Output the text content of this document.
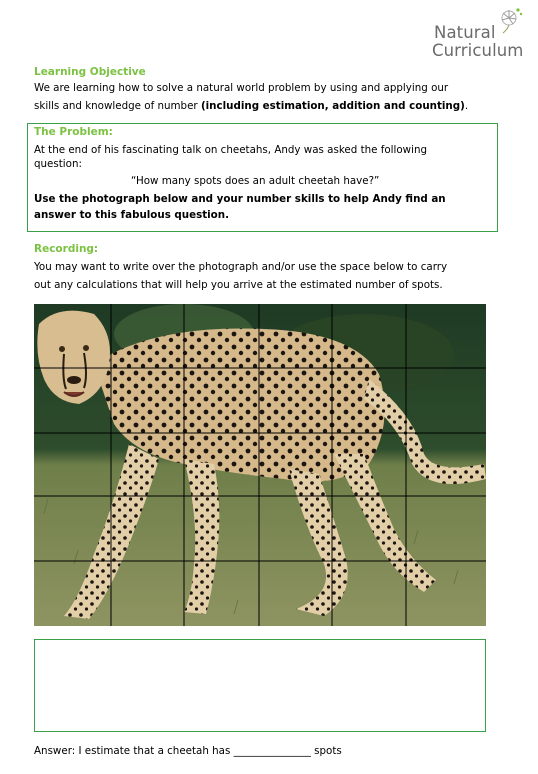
Natural
Curriculum
Learning Objective
We are learning how to solve a natural world problem by using and applying our
skills and knowledge of number (including estimation, addition and counting).
The Problem:
At the end of his fascinating talk on cheetahs, Andy was asked the following
question:
“How many spots does an adult cheetah have?”
Use the photograph below and your number skills to help Andy find an
answer to this fabulous question.
Recording:
You may want to write over the photograph and/or use the space below to carry
out any calculations that will help you arrive at the estimated number of spots.
Answer: I estimate that a cheetah has _______________ spots
